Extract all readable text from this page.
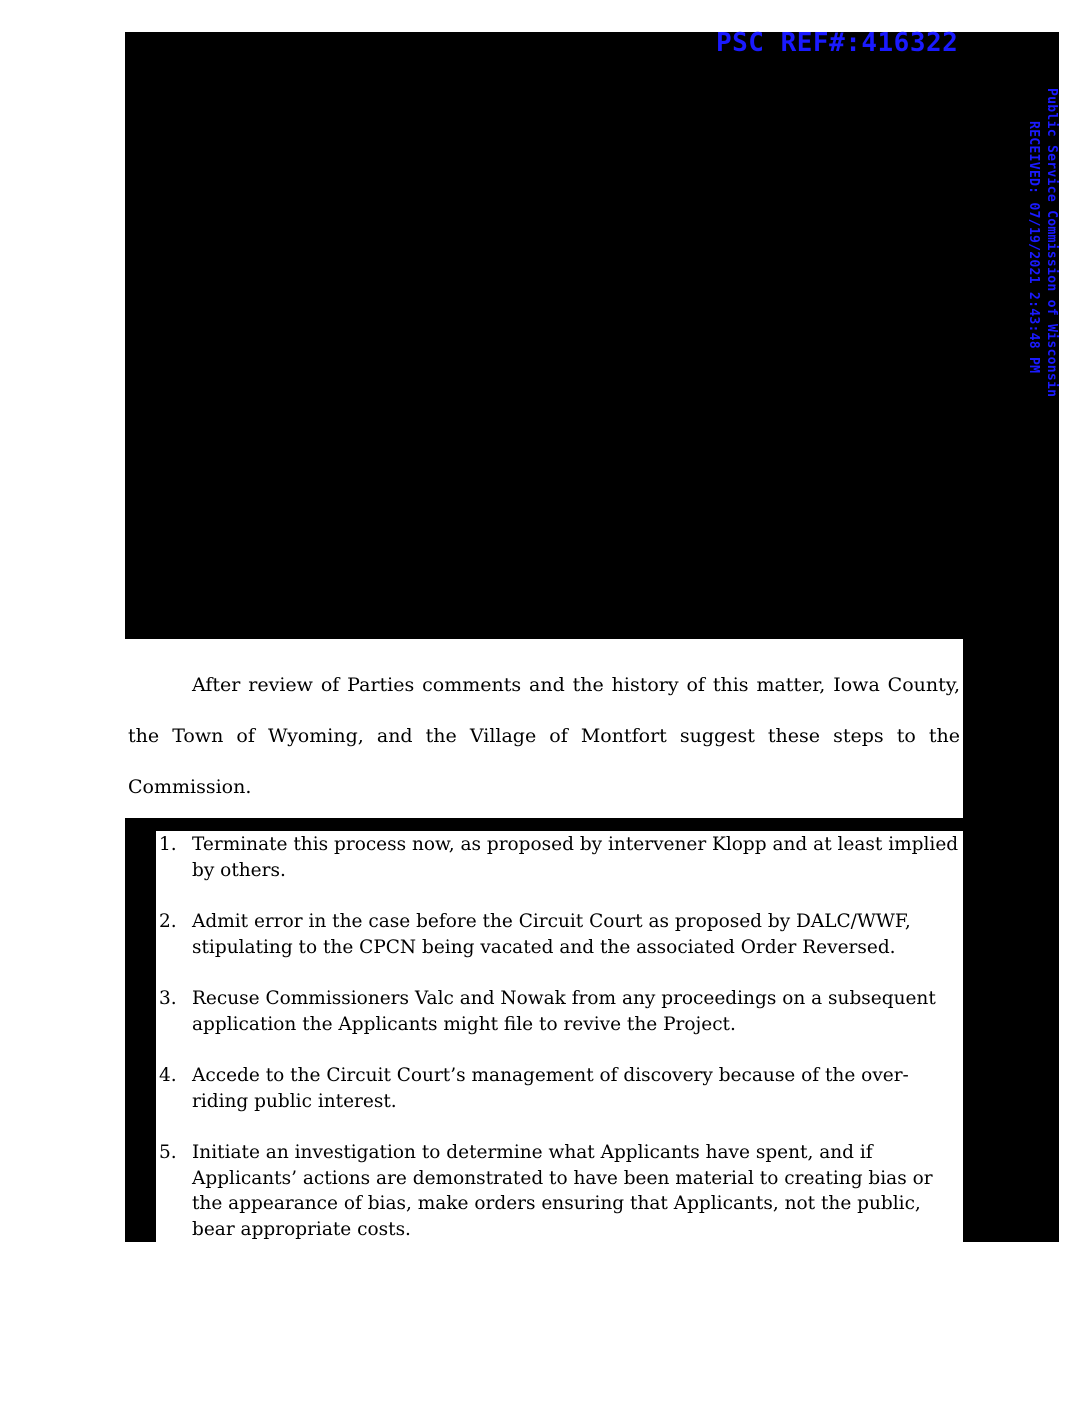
PSC REF#:416322
Public Service Commission of Wisconsin
RECEIVED: 07/19/2021 2:43:48 PM

After review of Parties comments and the history of this matter, Iowa County, the Town of Wyoming, and the Village of Montfort suggest these steps to the Commission.

1. Terminate this process now, as proposed by intervener Klopp and at least implied by others.
2. Admit error in the case before the Circuit Court as proposed by DALC/WWF, stipulating to the CPCN being vacated and the associated Order Reversed.
3. Recuse Commissioners Valc and Nowak from any proceedings on a subsequent application the Applicants might file to revive the Project.
4. Accede to the Circuit Court’s management of discovery because of the over-riding public interest.
5. Initiate an investigation to determine what Applicants have spent, and if Applicants’ actions are demonstrated to have been material to creating bias or the appearance of bias, make orders ensuring that Applicants, not the public, bear appropriate costs.
